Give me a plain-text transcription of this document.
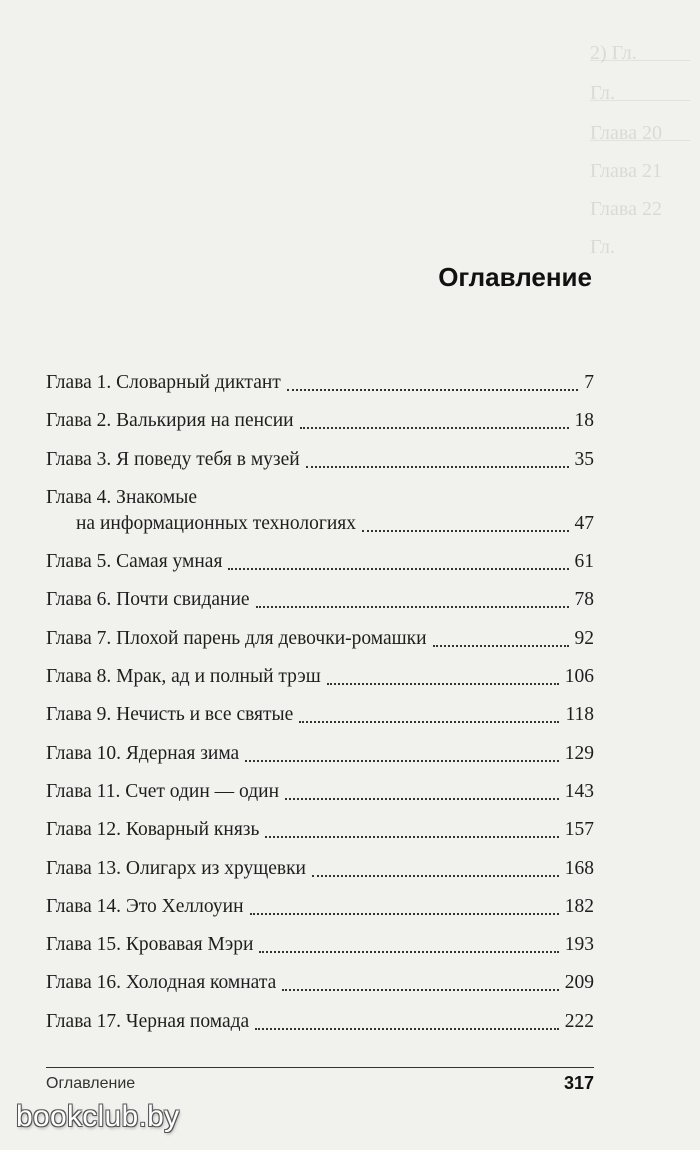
2) Гл.
Гл.
Глава 20
Глава 21
Глава 22
Гл.
Оглавление
Глава 1. Словарный диктант	7
Глава 2. Валькирия на пенсии	18
Глава 3. Я поведу тебя в музей	35
Глава 4. Знакомые
на информационных технологиях	47
Глава 5. Самая умная	61
Глава 6. Почти свидание	78
Глава 7. Плохой парень для девочки-ромашки	92
Глава 8. Мрак, ад и полный трэш	106
Глава 9. Нечисть и все святые	118
Глава 10. Ядерная зима	129
Глава 11. Счет один — один	143
Глава 12. Коварный князь	157
Глава 13. Олигарх из хрущевки	168
Глава 14. Это Хеллоуин	182
Глава 15. Кровавая Мэри	193
Глава 16. Холодная комната	209
Глава 17. Черная помада	222
Оглавление	317
bookclub.by
